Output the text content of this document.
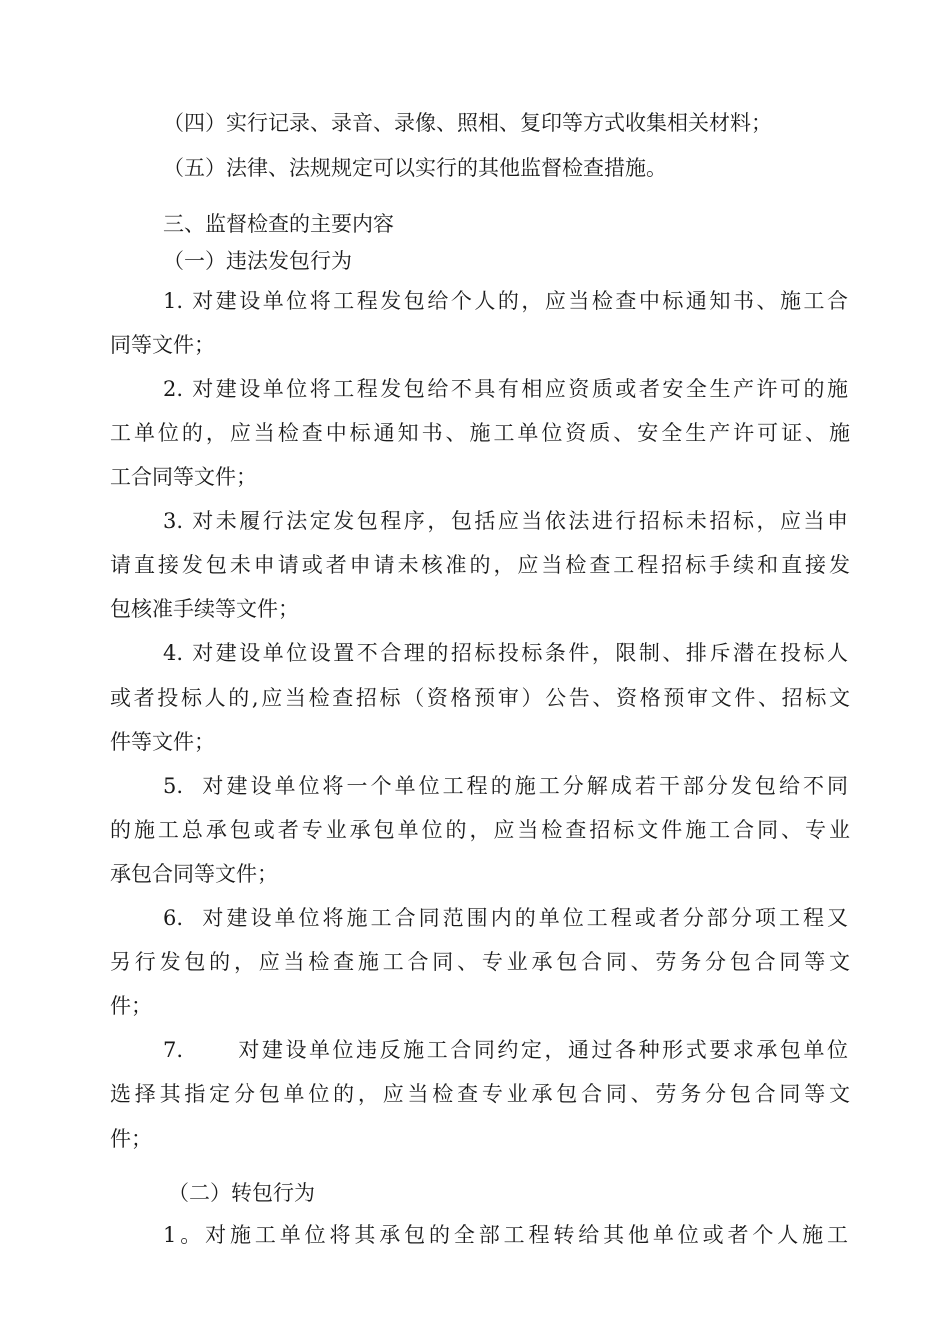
（四）实行记录、录音、录像、照相、复印等方式收集相关材料；
（五）法律、法规规定可以实行的其他监督检查措施。
三、监督检查的主要内容
（一）违法发包行为
1. 对建设单位将工程发包给个人的，应当检查中标通知书、施工合
同等文件；
2. 对建设单位将工程发包给不具有相应资质或者安全生产许可的施
工单位的，应当检查中标通知书、施工单位资质、安全生产许可证、施
工合同等文件；
3. 对未履行法定发包程序，包括应当依法进行招标未招标，应当申
请直接发包未申请或者申请未核准的，应当检查工程招标手续和直接发
包核准手续等文件；
4. 对建设单位设置不合理的招标投标条件，限制、排斥潜在投标人
或者投标人的,应当检查招标（资格预审）公告、资格预审文件、招标文
件等文件；
5.  对建设单位将一个单位工程的施工分解成若干部分发包给不同
的施工总承包或者专业承包单位的，应当检查招标文件施工合同、专业
承包合同等文件；
6.  对建设单位将施工合同范围内的单位工程或者分部分项工程又
另行发包的，应当检查施工合同、专业承包合同、劳务分包合同等文
件；
7.      对建设单位违反施工合同约定，通过各种形式要求承包单位
选择其指定分包单位的，应当检查专业承包合同、劳务分包合同等文
件；
（二）转包行为
1。对施工单位将其承包的全部工程转给其他单位或者个人施工
